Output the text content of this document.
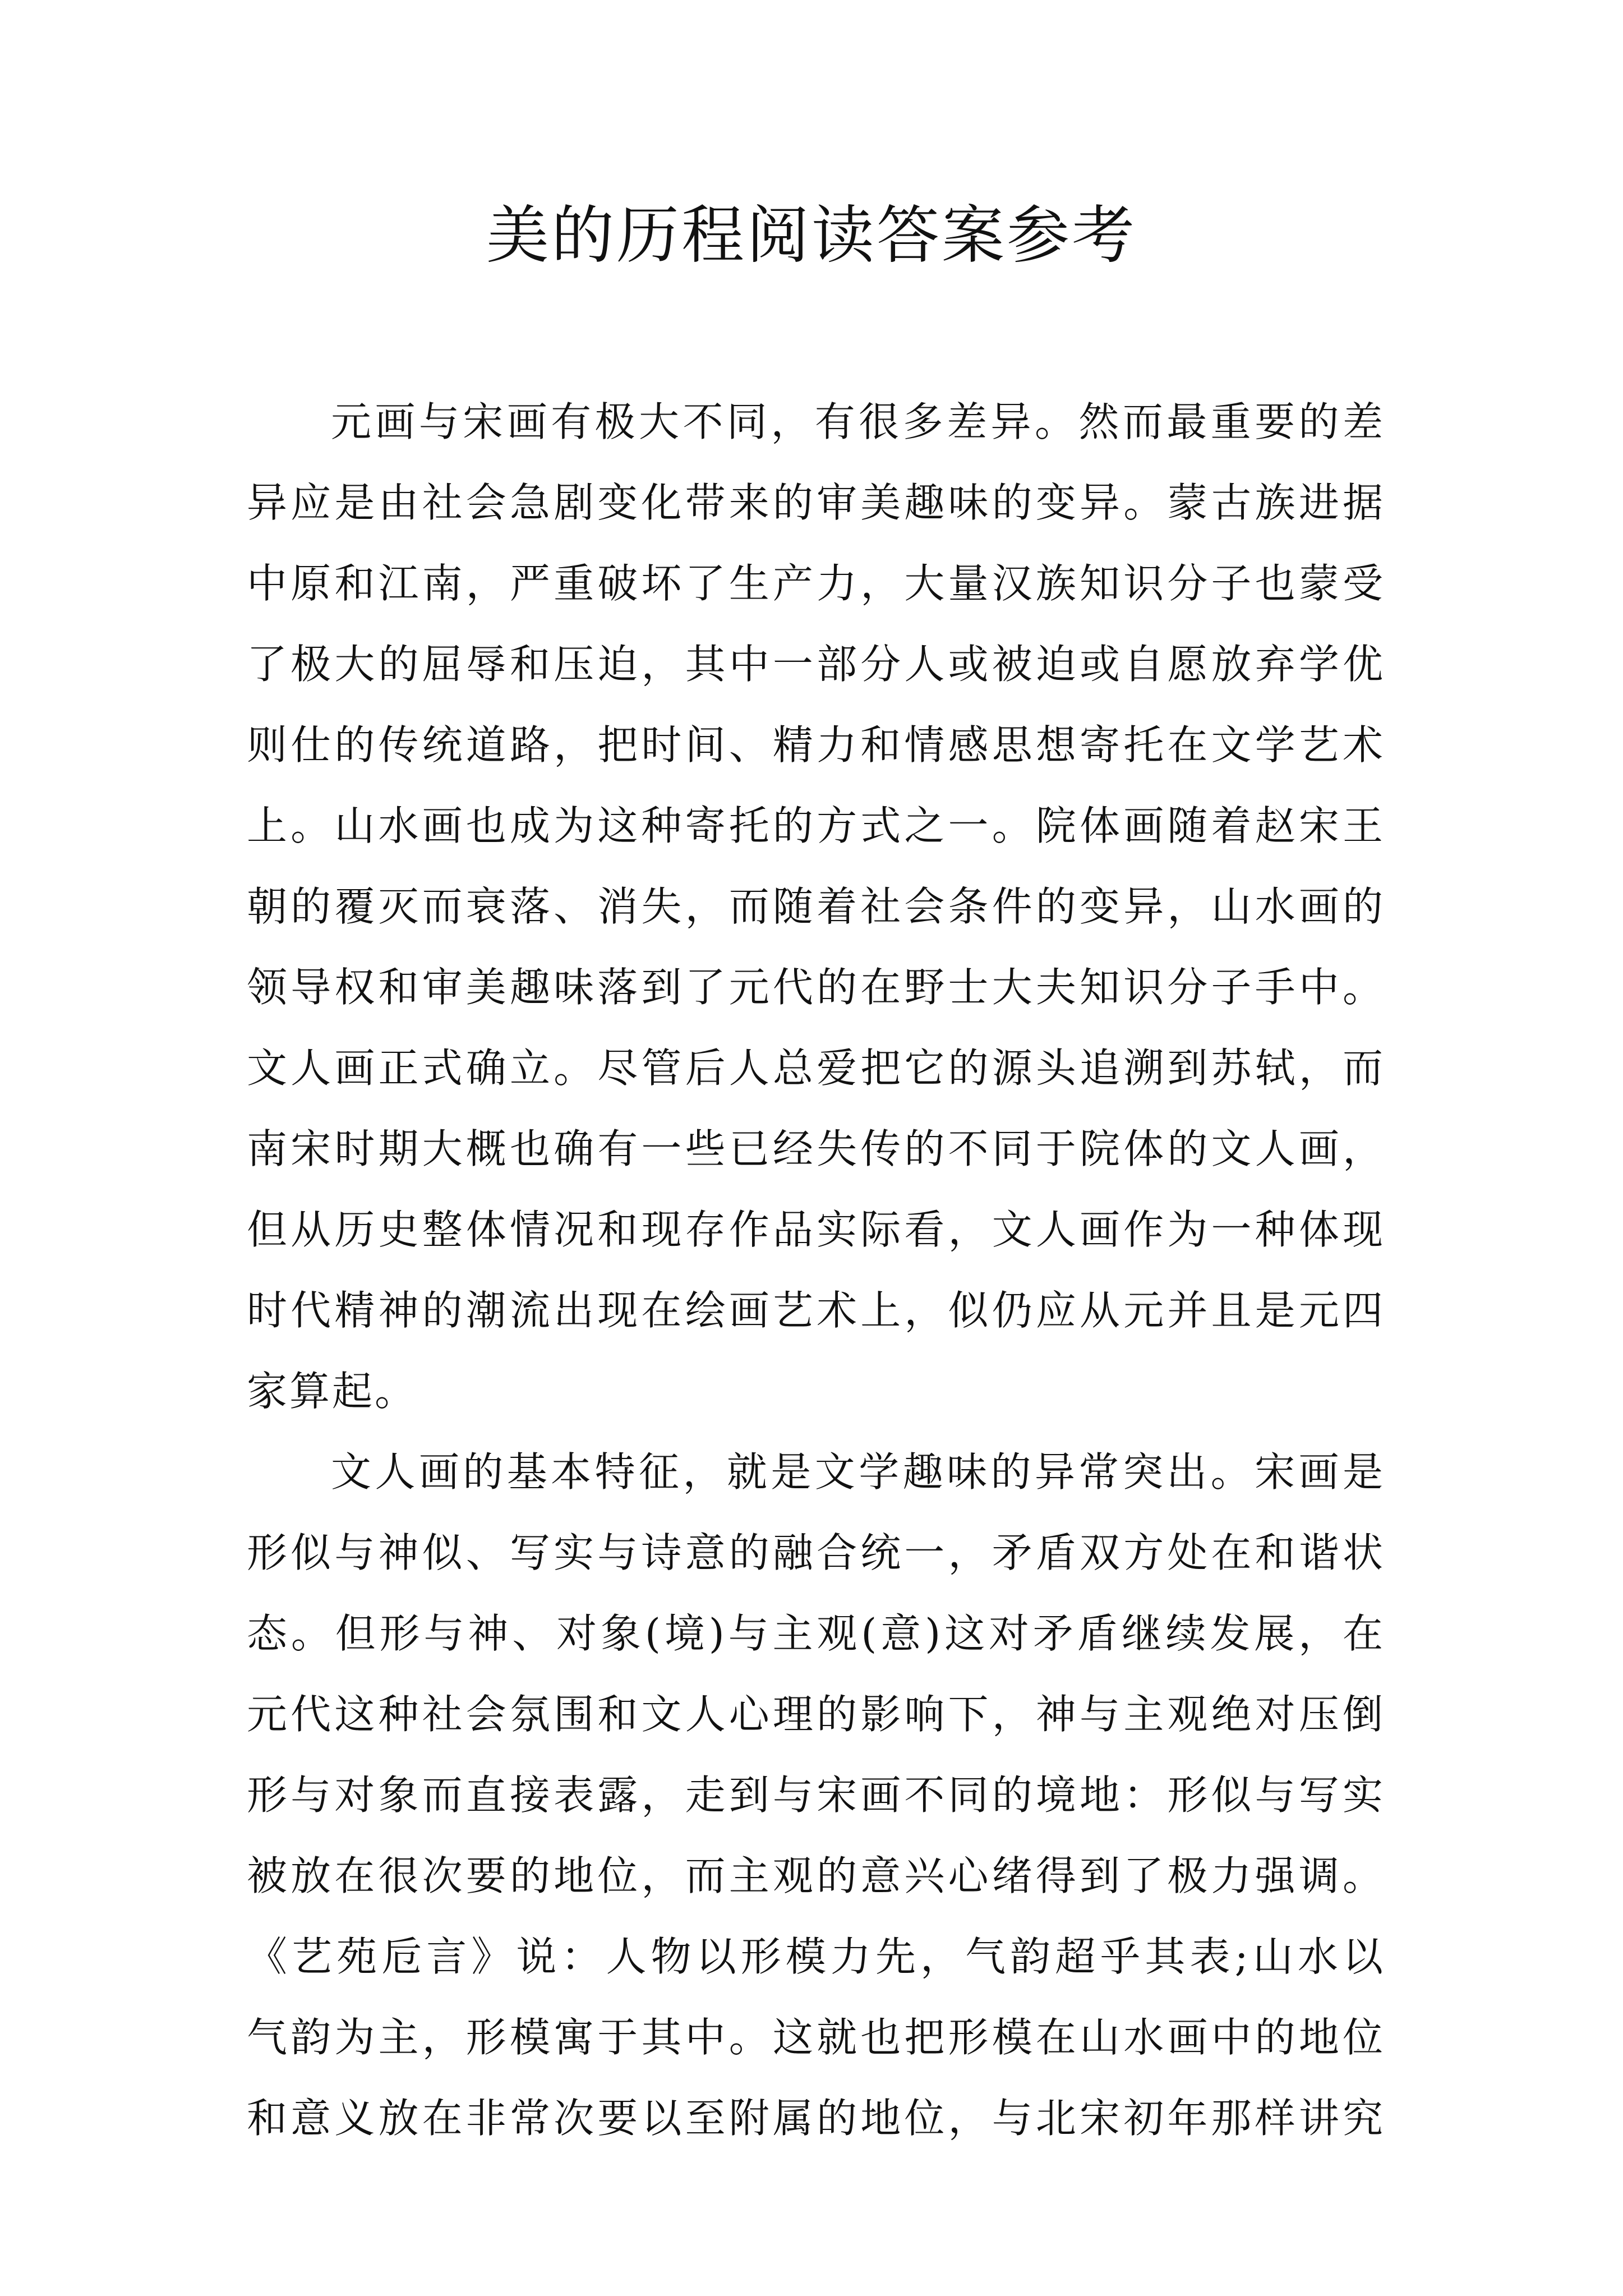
美的历程阅读答案参考
元画与宋画有极大不同，有很多差异。然而最重要的差
异应是由社会急剧变化带来的审美趣味的变异。蒙古族进据
中原和江南，严重破坏了生产力，大量汉族知识分子也蒙受
了极大的屈辱和压迫，其中一部分人或被迫或自愿放弃学优
则仕的传统道路，把时间、精力和情感思想寄托在文学艺术
上。山水画也成为这种寄托的方式之一。院体画随着赵宋王
朝的覆灭而衰落、消失，而随着社会条件的变异，山水画的
领导权和审美趣味落到了元代的在野士大夫知识分子手中。
文人画正式确立。尽管后人总爱把它的源头追溯到苏轼，而
南宋时期大概也确有一些已经失传的不同于院体的文人画，
但从历史整体情况和现存作品实际看，文人画作为一种体现
时代精神的潮流出现在绘画艺术上，似仍应从元并且是元四
家算起。
文人画的基本特征，就是文学趣味的异常突出。宋画是
形似与神似、写实与诗意的融合统一，矛盾双方处在和谐状
态。但形与神、对象(境)与主观(意)这对矛盾继续发展，在
元代这种社会氛围和文人心理的影响下，神与主观绝对压倒
形与对象而直接表露，走到与宋画不同的境地：形似与写实
被放在很次要的地位，而主观的意兴心绪得到了极力强调。
《艺苑卮言》说：人物以形模力先，气韵超乎其表;山水以
气韵为主，形模寓于其中。这就也把形模在山水画中的地位
和意义放在非常次要以至附属的地位，与北宋初年那样讲究
